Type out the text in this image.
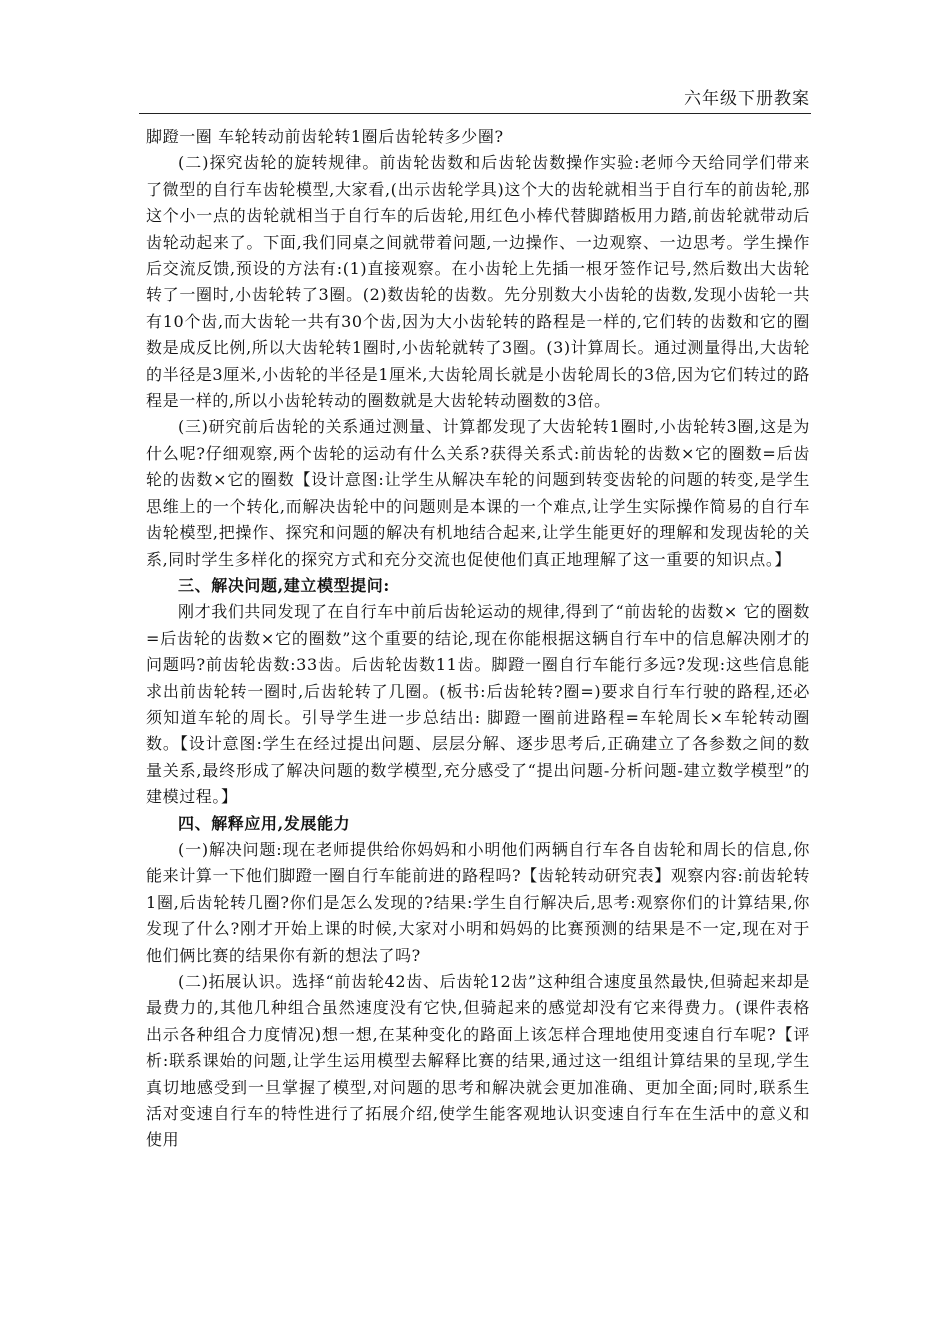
六年级下册教案

脚蹬一圈 车轮转动前齿轮转1圈后齿轮转多少圈?

(二)探究齿轮的旋转规律。前齿轮齿数和后齿轮齿数操作实验:老师今天给同学们带来了微型的自行车齿轮模型,大家看,(出示齿轮学具)这个大的齿轮就相当于自行车的前齿轮,那这个小一点的齿轮就相当于自行车的后齿轮,用红色小棒代替脚踏板用力踏,前齿轮就带动后齿轮动起来了。下面,我们同桌之间就带着问题,一边操作、一边观察、一边思考。学生操作后交流反馈,预设的方法有:(1)直接观察。在小齿轮上先插一根牙签作记号,然后数出大齿轮转了一圈时,小齿轮转了3圈。(2)数齿轮的齿数。先分别数大小齿轮的齿数,发现小齿轮一共有10个齿,而大齿轮一共有30个齿,因为大小齿轮转的路程是一样的,它们转的齿数和它的圈数是成反比例,所以大齿轮转1圈时,小齿轮就转了3圈。(3)计算周长。通过测量得出,大齿轮的半径是3厘米,小齿轮的半径是1厘米,大齿轮周长就是小齿轮周长的3倍,因为它们转过的路程是一样的,所以小齿轮转动的圈数就是大齿轮转动圈数的3倍。

(三)研究前后齿轮的关系通过测量、计算都发现了大齿轮转1圈时,小齿轮转3圈,这是为什么呢?仔细观察,两个齿轮的运动有什么关系?获得关系式:前齿轮的齿数×它的圈数=后齿轮的齿数×它的圈数【设计意图:让学生从解决车轮的问题到转变齿轮的问题的转变,是学生思维上的一个转化,而解决齿轮中的问题则是本课的一个难点,让学生实际操作简易的自行车齿轮模型,把操作、探究和问题的解决有机地结合起来,让学生能更好的理解和发现齿轮的关系,同时学生多样化的探究方式和充分交流也促使他们真正地理解了这一重要的知识点。】

三、解决问题,建立模型提问:

刚才我们共同发现了在自行车中前后齿轮运动的规律,得到了“前齿轮的齿数× 它的圈数=后齿轮的齿数×它的圈数”这个重要的结论,现在你能根据这辆自行车中的信息解决刚才的问题吗?前齿轮齿数:33齿。后齿轮齿数11齿。脚蹬一圈自行车能行多远?发现:这些信息能求出前齿轮转一圈时,后齿轮转了几圈。(板书:后齿轮转?圈=)要求自行车行驶的路程,还必须知道车轮的周长。引导学生进一步总结出: 脚蹬一圈前进路程=车轮周长×车轮转动圈数。【设计意图:学生在经过提出问题、层层分解、逐步思考后,正确建立了各参数之间的数量关系,最终形成了解决问题的数学模型,充分感受了“提出问题-分析问题-建立数学模型”的建模过程。】

四、解释应用,发展能力

(一)解决问题:现在老师提供给你妈妈和小明他们两辆自行车各自齿轮和周长的信息,你能来计算一下他们脚蹬一圈自行车能前进的路程吗?【齿轮转动研究表】观察内容:前齿轮转1圈,后齿轮转几圈?你们是怎么发现的?结果:学生自行解决后,思考:观察你们的计算结果,你发现了什么?刚才开始上课的时候,大家对小明和妈妈的比赛预测的结果是不一定,现在对于他们俩比赛的结果你有新的想法了吗?

(二)拓展认识。选择“前齿轮42齿、后齿轮12齿”这种组合速度虽然最快,但骑起来却是最费力的,其他几种组合虽然速度没有它快,但骑起来的感觉却没有它来得费力。(课件表格出示各种组合力度情况)想一想,在某种变化的路面上该怎样合理地使用变速自行车呢?【评析:联系课始的问题,让学生运用模型去解释比赛的结果,通过这一组组计算结果的呈现,学生真切地感受到一旦掌握了模型,对问题的思考和解决就会更加准确、更加全面;同时,联系生活对变速自行车的特性进行了拓展介绍,使学生能客观地认识变速自行车在生活中的意义和使用
